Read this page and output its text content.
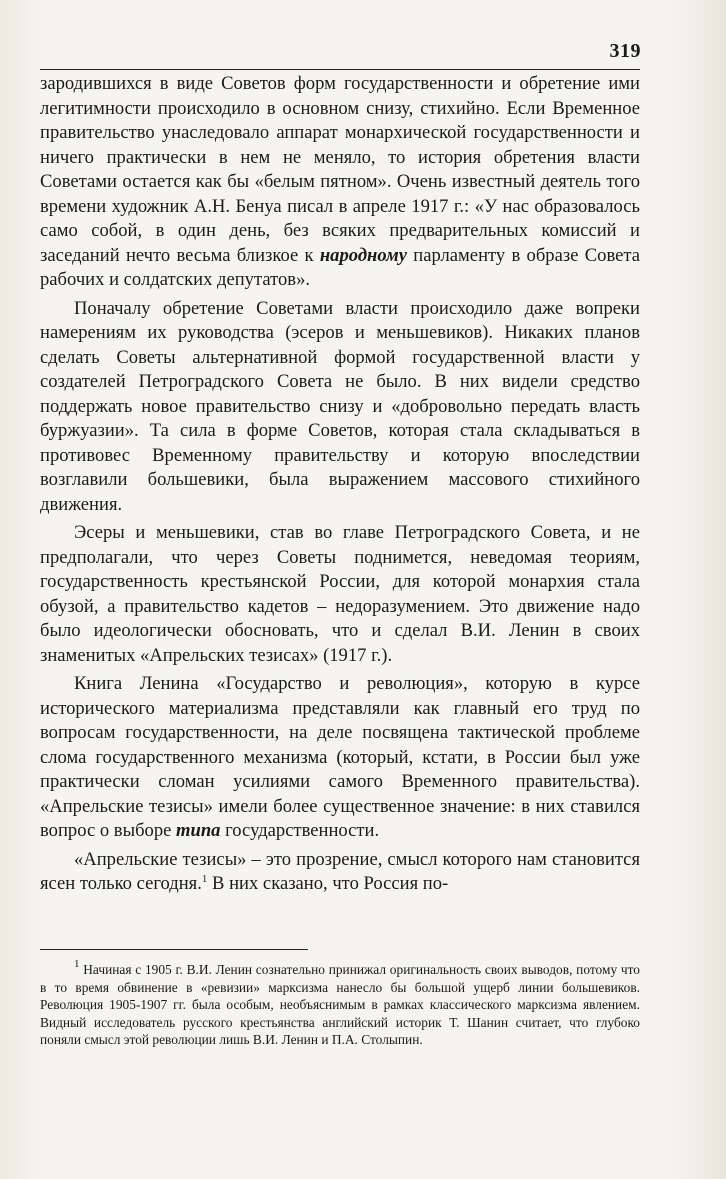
319

зародившихся в виде Советов форм государственности и обретение ими легитимности происходило в основном снизу, стихийно. Если Временное правительство унаследовало аппарат монархической государственности и ничего практически в нем не меняло, то история обретения власти Советами остается как бы «белым пятном». Очень известный деятель того времени художник А.Н. Бенуа писал в апреле 1917 г.: «У нас образовалось само собой, в один день, без всяких предварительных комиссий и заседаний нечто весьма близкое к народному парламенту в образе Совета рабочих и солдатских депутатов».

Поначалу обретение Советами власти происходило даже вопреки намерениям их руководства (эсеров и меньшевиков). Никаких планов сделать Советы альтернативной формой государственной власти у создателей Петроградского Совета не было. В них видели средство поддержать новое правительство снизу и «добровольно передать власть буржуазии». Та сила в форме Советов, которая стала складываться в противовес Временному правительству и которую впоследствии возглавили большевики, была выражением массового стихийного движения.

Эсеры и меньшевики, став во главе Петроградского Совета, и не предполагали, что через Советы поднимется, неведомая теориям, государственность крестьянской России, для которой монархия стала обузой, а правительство кадетов – недоразумением. Это движение надо было идеологически обосновать, что и сделал В.И. Ленин в своих знаменитых «Апрельских тезисах» (1917 г.).

Книга Ленина «Государство и революция», которую в курсе исторического материализма представляли как главный его труд по вопросам государственности, на деле посвящена тактической проблеме слома государственного механизма (который, кстати, в России был уже практически сломан усилиями самого Временного правительства). «Апрельские тезисы» имели более существенное значение: в них ставился вопрос о выборе типа государственности.

«Апрельские тезисы» – это прозрение, смысл которого нам становится ясен только сегодня.$^1$ В них сказано, что Россия по-

$^1$ Начиная с 1905 г. В.И. Ленин сознательно принижал оригинальность своих выводов, потому что в то время обвинение в «ревизии» марксизма нанесло бы большой ущерб линии большевиков. Революция 1905-1907 гг. была особым, необъяснимым в рамках классического марксизма явлением. Видный исследователь русского крестьянства английский историк Т. Шанин считает, что глубоко поняли смысл этой революции лишь В.И. Ленин и П.А. Столыпин.
